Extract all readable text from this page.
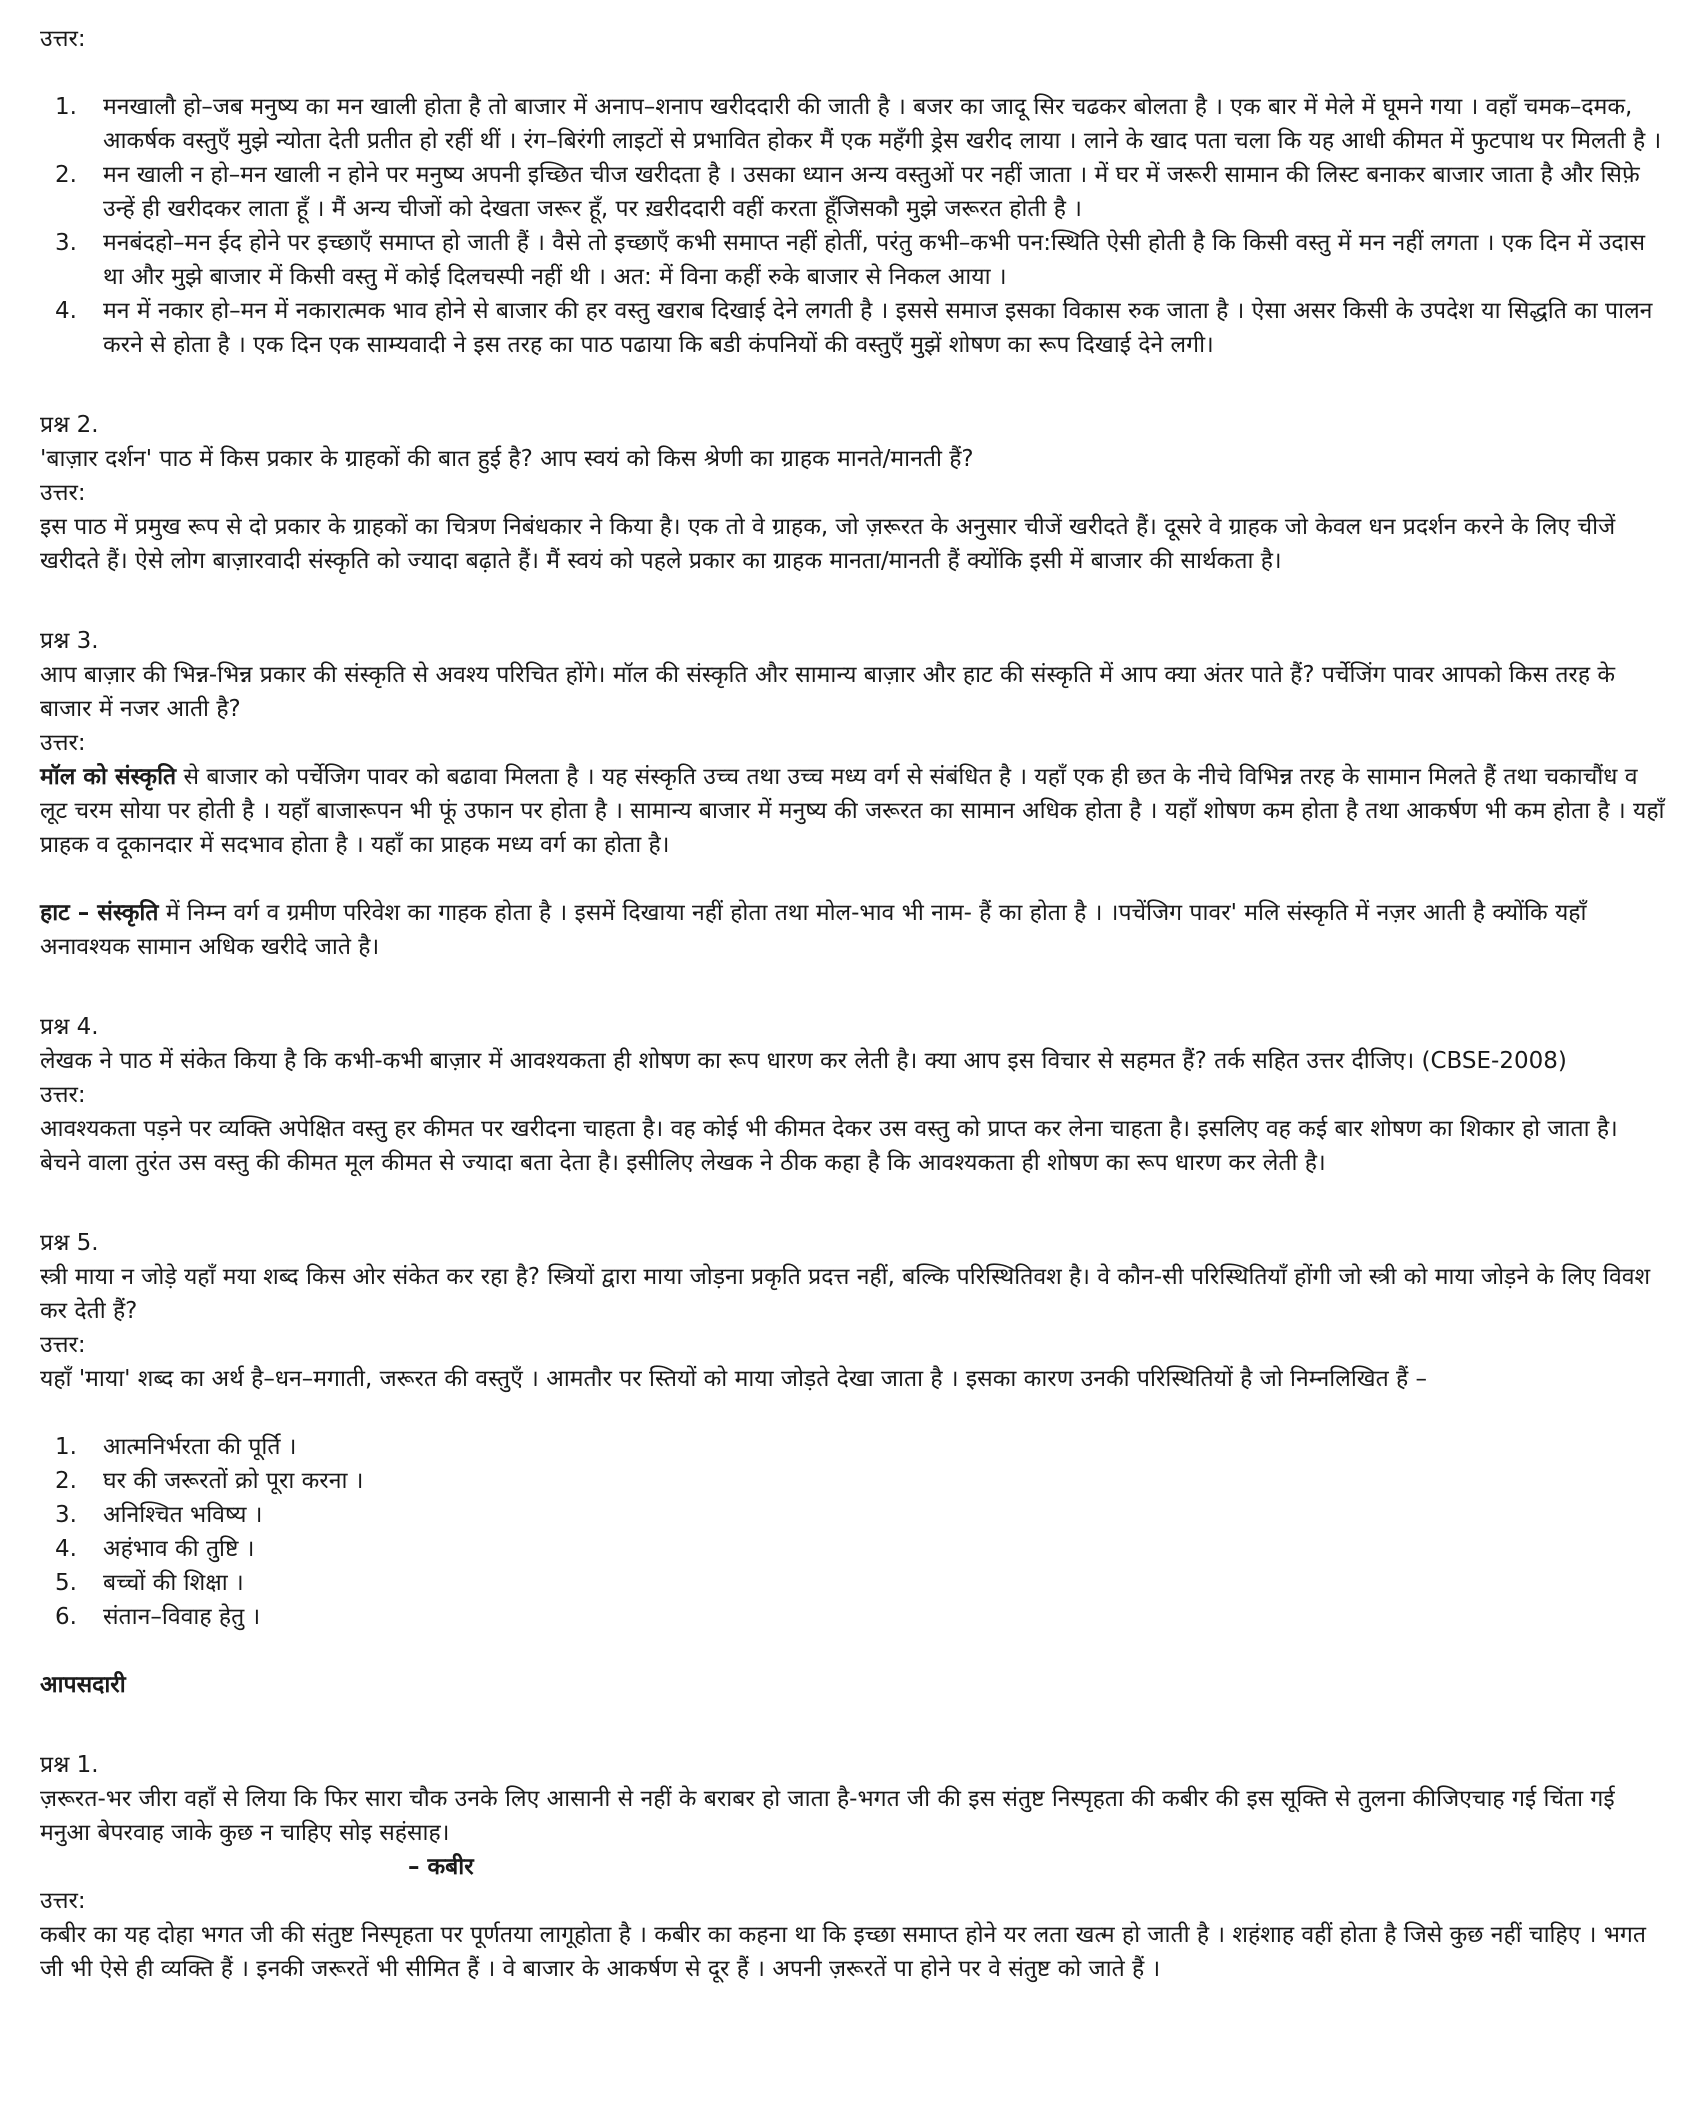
उत्तर:

1.	मनखालौ हो–जब मनुष्य का मन खाली होता है तो बाजार में अनाप–शनाप खरीददारी की जाती है । बजर का जादू सिर चढकर बोलता है । एक बार में मेले में घूमने गया । वहाँ चमक–दमक, आकर्षक वस्तुएँ मुझे न्योता देती प्रतीत हो रहीं थीं । रंग–बिरंगी लाइटों से प्रभावित होकर मैं एक महँगी ड्रेस खरीद लाया । लाने के खाद पता चला कि यह आधी कीमत में फुटपाथ पर मिलती है ।
2.	मन खाली न हो–मन खाली न होने पर मनुष्य अपनी इच्छित चीज खरीदता है । उसका ध्यान अन्य वस्तुओं पर नहीं जाता । में घर में जरूरी सामान की लिस्ट बनाकर बाजार जाता है और सिफ़े उन्हें ही खरीदकर लाता हूँ । मैं अन्य चीजों को देखता जरूर हूँ, पर ख़रीददारी वहीं करता हूँजिसकौ मुझे जरूरत होती है ।
3.	मनबंदहो–मन ईद होने पर इच्छाएँ समाप्त हो जाती हैं । वैसे तो इच्छाएँ कभी समाप्त नहीं होतीं, परंतु कभी–कभी पन:स्थिति ऐसी होती है कि किसी वस्तु में मन नहीं लगता । एक दिन में उदास था और मुझे बाजार में किसी वस्तु में कोई दिलचस्पी नहीं थी । अत: में विना कहीं रुके बाजार से निकल आया ।
4.	मन में नकार हो–मन में नकारात्मक भाव होने से बाजार की हर वस्तु खराब दिखाई देने लगती है । इससे समाज इसका विकास रुक जाता है । ऐसा असर किसी के उपदेश या सिद्धति का पालन करने से होता है । एक दिन एक साम्यवादी ने इस तरह का पाठ पढाया कि बडी कंपनियों की वस्तुएँ मुझें शोषण का रूप दिखाई देने लगी।

प्रश्न 2.

'बाज़ार दर्शन' पाठ में किस प्रकार के ग्राहकों की बात हुई है? आप स्वयं को किस श्रेणी का ग्राहक मानते/मानती हैं?

उत्तर:

इस पाठ में प्रमुख रूप से दो प्रकार के ग्राहकों का चित्रण निबंधकार ने किया है। एक तो वे ग्राहक, जो ज़रूरत के अनुसार चीजें खरीदते हैं। दूसरे वे ग्राहक जो केवल धन प्रदर्शन करने के लिए चीजें खरीदते हैं। ऐसे लोग बाज़ारवादी संस्कृति को ज्यादा बढ़ाते हैं। मैं स्वयं को पहले प्रकार का ग्राहक मानता/मानती हैं क्योंकि इसी में बाजार की सार्थकता है।

प्रश्न 3.

आप बाज़ार की भिन्न-भिन्न प्रकार की संस्कृति से अवश्य परिचित होंगे। मॉल की संस्कृति और सामान्य बाज़ार और हाट की संस्कृति में आप क्या अंतर पाते हैं? पर्चेजिंग पावर आपको किस तरह के बाजार में नजर आती है?

उत्तर:

मॉल को संस्कृति से बाजार को पर्चेजिग पावर को बढावा मिलता है । यह संस्कृति उच्च तथा उच्च मध्य वर्ग से संबंधित है । यहाँ एक ही छत के नीचे विभिन्न तरह के सामान मिलते हैं तथा चकाचौंध व लूट चरम सोया पर होती है । यहाँ बाजारूपन भी फूं उफान पर होता है । सामान्य बाजार में मनुष्य की जरूरत का सामान अधिक होता है । यहाँ शोषण कम होता है तथा आकर्षण भी कम होता है । यहाँ प्राहक व दूकानदार में सदभाव होता है । यहाँ का प्राहक मध्य वर्ग का होता है।

हाट – संस्कृति में निम्न वर्ग व ग्रमीण परिवेश का गाहक होता है । इसमें दिखाया नहीं होता तथा मोल-भाव भी नाम- हैं का होता है । ।पचेंजिग पावर' मलि संस्कृति में नज़र आती है क्योंकि यहाँ अनावश्यक सामान अधिक खरीदे जाते है।

प्रश्न 4.

लेखक ने पाठ में संकेत किया है कि कभी-कभी बाज़ार में आवश्यकता ही शोषण का रूप धारण कर लेती है। क्या आप इस विचार से सहमत हैं? तर्क सहित उत्तर दीजिए। (CBSE-2008)

उत्तर:

आवश्यकता पड़ने पर व्यक्ति अपेक्षित वस्तु हर कीमत पर खरीदना चाहता है। वह कोई भी कीमत देकर उस वस्तु को प्राप्त कर लेना चाहता है। इसलिए वह कई बार शोषण का शिकार हो जाता है। बेचने वाला तुरंत उस वस्तु की कीमत मूल कीमत से ज्यादा बता देता है। इसीलिए लेखक ने ठीक कहा है कि आवश्यकता ही शोषण का रूप धारण कर लेती है।

प्रश्न 5.

स्त्री माया न जोड़े यहाँ मया शब्द किस ओर संकेत कर रहा है? स्त्रियों द्वारा माया जोड़ना प्रकृति प्रदत्त नहीं, बल्कि परिस्थितिवश है। वे कौन-सी परिस्थितियाँ होंगी जो स्त्री को माया जोड़ने के लिए विवश कर देती हैं?

उत्तर:

यहाँ 'माया' शब्द का अर्थ है–धन–मगाती, जरूरत की वस्तुएँ । आमतौर पर स्तियों को माया जोड़ते देखा जाता है । इसका कारण उनकी परिस्थितियों है जो निम्नलिखित हैं –

1.	आत्मनिर्भरता की पूर्ति ।
2.	घर की जरूरतों क्रो पूरा करना ।
3.	अनिश्चित भविष्य ।
4.	अहंभाव की तुष्टि ।
5.	बच्चों की शिक्षा ।
6.	संतान–विवाह हेतु ।

आपसदारी

प्रश्न 1.

ज़रूरत-भर जीरा वहाँ से लिया कि फिर सारा चौक उनके लिए आसानी से नहीं के बराबर हो जाता है-भगत जी की इस संतुष्ट निस्पृहता की कबीर की इस सूक्ति से तुलना कीजिएचाह गई चिंता गई मनुआ बेपरवाह जाके कुछ न चाहिए सोइ सहंसाह।

– कबीर

उत्तर:

कबीर का यह दोहा भगत जी की संतुष्ट निस्पृहता पर पूर्णतया लागूहोता है । कबीर का कहना था कि इच्छा समाप्त होने यर लता खत्म हो जाती है । शहंशाह वहीं होता है जिसे कुछ नहीं चाहिए । भगत जी भी ऐसे ही व्यक्ति हैं । इनकी जरूरतें भी सीमित हैं । वे बाजार के आकर्षण से दूर हैं । अपनी ज़रूरतें पा होने पर वे संतुष्ट को जाते हैं ।
